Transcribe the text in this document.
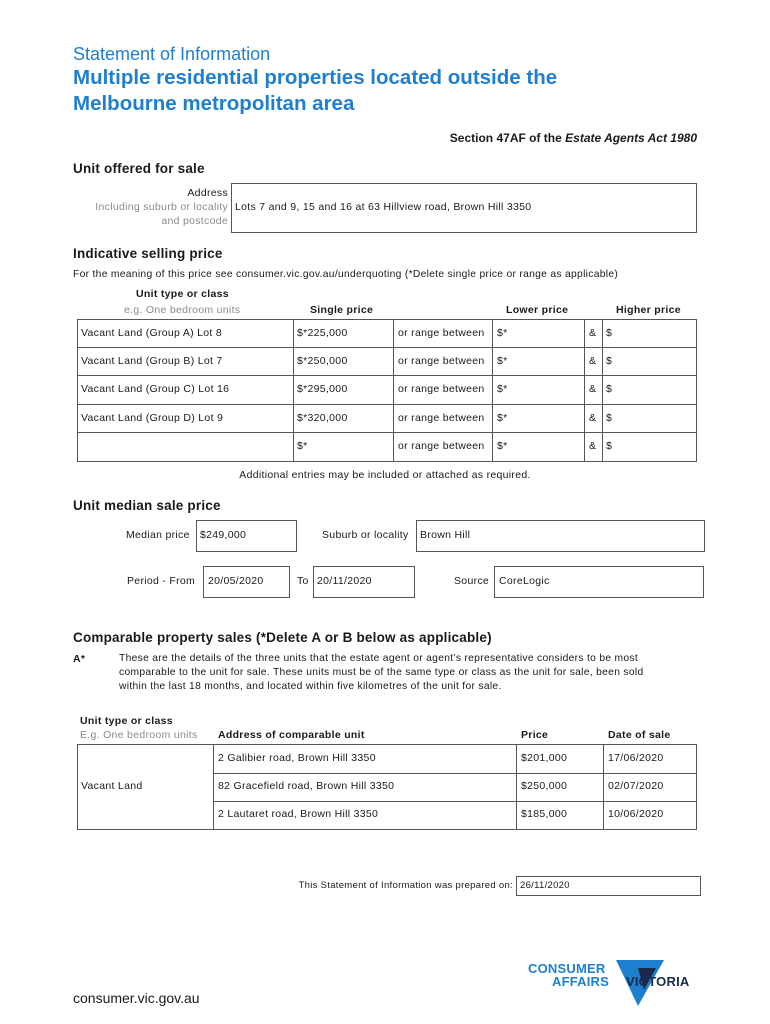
Statement of Information
Multiple residential properties located outside the
Melbourne metropolitan area
Section 47AF of the Estate Agents Act 1980
Unit offered for sale
Address
Including suburb or locality
and postcode
Lots 7 and 9, 15 and 16 at 63 Hillview road, Brown Hill 3350
Indicative selling price
For the meaning of this price see consumer.vic.gov.au/underquoting (*Delete single price or range as applicable)
Unit type or class
e.g. One bedroom units	Single price	Lower price	Higher price
Vacant Land (Group A) Lot 8	$*225,000	or range between $*	& $
Vacant Land (Group B) Lot 7	$*250,000	or range between $*	& $
Vacant Land (Group C) Lot 16	$*295,000	or range between $*	& $
Vacant Land (Group D) Lot 9	$*320,000	or range between $*	& $
$*	or range between $*	& $
Additional entries may be included or attached as required.
Unit median sale price
Median price $249,000	Suburb or locality Brown Hill
Period - From 20/05/2020	To 20/11/2020	Source CoreLogic
Comparable property sales (*Delete A or B below as applicable)
A*	These are the details of the three units that the estate agent or agent’s representative considers to be most
comparable to the unit for sale. These units must be of the same type or class as the unit for sale, been sold
within the last 18 months, and located within five kilometres of the unit for sale.
Unit type or class
E.g. One bedroom units Address of comparable unit	Price	Date of sale
Vacant Land
2 Galibier road, Brown Hill 3350	$201,000	17/06/2020
82 Gracefield road, Brown Hill 3350	$250,000	02/07/2020
2 Lautaret road, Brown Hill 3350	$185,000	10/06/2020
This Statement of Information was prepared on: 26/11/2020
consumer.vic.gov.au
CONSUMER
AFFAIRS VICTORIA
